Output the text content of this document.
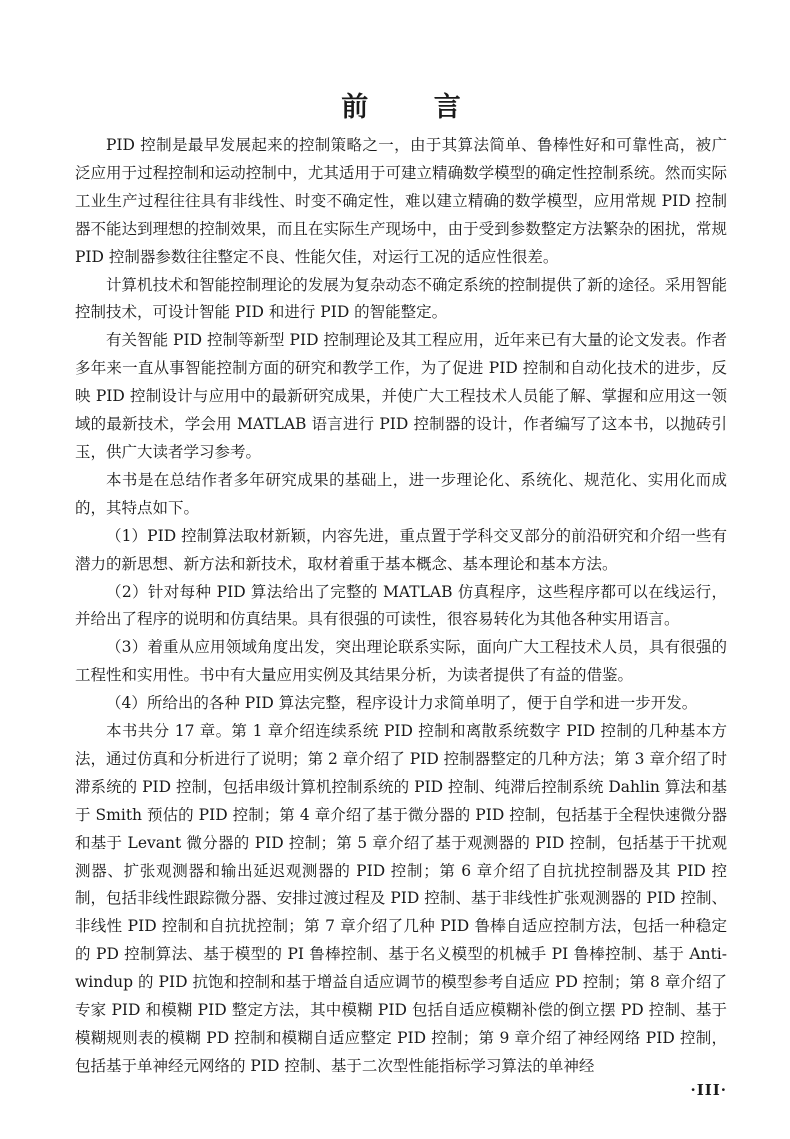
前 言

PID 控制是最早发展起来的控制策略之一，由于其算法简单、鲁棒性好和可靠性高，被广泛应用于过程控制和运动控制中，尤其适用于可建立精确数学模型的确定性控制系统。然而实际工业生产过程往往具有非线性、时变不确定性，难以建立精确的数学模型，应用常规 PID 控制器不能达到理想的控制效果，而且在实际生产现场中，由于受到参数整定方法繁杂的困扰，常规 PID 控制器参数往往整定不良、性能欠佳，对运行工况的适应性很差。

计算机技术和智能控制理论的发展为复杂动态不确定系统的控制提供了新的途径。采用智能控制技术，可设计智能 PID 和进行 PID 的智能整定。

有关智能 PID 控制等新型 PID 控制理论及其工程应用，近年来已有大量的论文发表。作者多年来一直从事智能控制方面的研究和教学工作，为了促进 PID 控制和自动化技术的进步，反映 PID 控制设计与应用中的最新研究成果，并使广大工程技术人员能了解、掌握和应用这一领域的最新技术，学会用 MATLAB 语言进行 PID 控制器的设计，作者编写了这本书，以抛砖引玉，供广大读者学习参考。

本书是在总结作者多年研究成果的基础上，进一步理论化、系统化、规范化、实用化而成的，其特点如下。

（1）PID 控制算法取材新颖，内容先进，重点置于学科交叉部分的前沿研究和介绍一些有潜力的新思想、新方法和新技术，取材着重于基本概念、基本理论和基本方法。

（2）针对每种 PID 算法给出了完整的 MATLAB 仿真程序，这些程序都可以在线运行，并给出了程序的说明和仿真结果。具有很强的可读性，很容易转化为其他各种实用语言。

（3）着重从应用领域角度出发，突出理论联系实际，面向广大工程技术人员，具有很强的工程性和实用性。书中有大量应用实例及其结果分析，为读者提供了有益的借鉴。

（4）所给出的各种 PID 算法完整，程序设计力求简单明了，便于自学和进一步开发。

本书共分 17 章。第 1 章介绍连续系统 PID 控制和离散系统数字 PID 控制的几种基本方法，通过仿真和分析进行了说明；第 2 章介绍了 PID 控制器整定的几种方法；第 3 章介绍了时滞系统的 PID 控制，包括串级计算机控制系统的 PID 控制、纯滞后控制系统 Dahlin 算法和基于 Smith 预估的 PID 控制；第 4 章介绍了基于微分器的 PID 控制，包括基于全程快速微分器和基于 Levant 微分器的 PID 控制；第 5 章介绍了基于观测器的 PID 控制，包括基于干扰观测器、扩张观测器和输出延迟观测器的 PID 控制；第 6 章介绍了自抗扰控制器及其 PID 控制，包括非线性跟踪微分器、安排过渡过程及 PID 控制、基于非线性扩张观测器的 PID 控制、非线性 PID 控制和自抗扰控制；第 7 章介绍了几种 PID 鲁棒自适应控制方法，包括一种稳定的 PD 控制算法、基于模型的 PI 鲁棒控制、基于名义模型的机械手 PI 鲁棒控制、基于 Anti-windup 的 PID 抗饱和控制和基于增益自适应调节的模型参考自适应 PD 控制；第 8 章介绍了专家 PID 和模糊 PID 整定方法，其中模糊 PID 包括自适应模糊补偿的倒立摆 PD 控制、基于模糊规则表的模糊 PD 控制和模糊自适应整定 PID 控制；第 9 章介绍了神经网络 PID 控制，包括基于单神经元网络的 PID 控制、基于二次型性能指标学习算法的单神经

·III·
